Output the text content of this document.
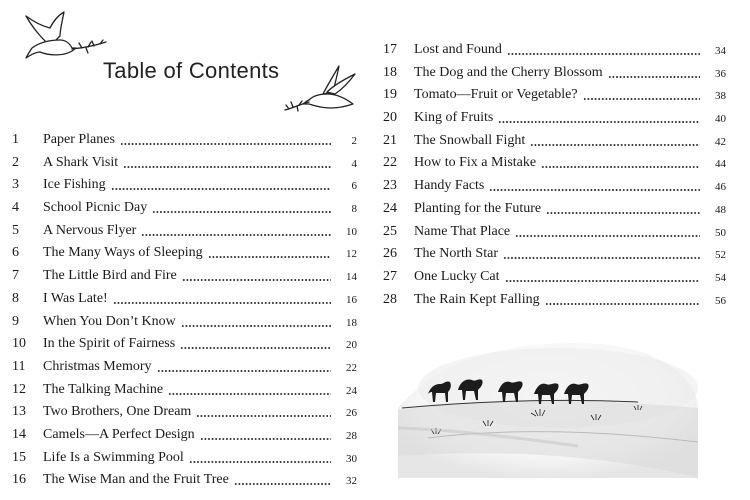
Table of Contents
1	Paper Planes	2
2	A Shark Visit	4
3	Ice Fishing	6
4	School Picnic Day	8
5	A Nervous Flyer	10
6	The Many Ways of Sleeping	12
7	The Little Bird and Fire	14
8	I Was Late!	16
9	When You Don’t Know	18
10	In the Spirit of Fairness	20
11	Christmas Memory	22
12	The Talking Machine	24
13	Two Brothers, One Dream	26
14	Camels—A Perfect Design	28
15	Life Is a Swimming Pool	30
16	The Wise Man and the Fruit Tree	32
17	Lost and Found	34
18	The Dog and the Cherry Blossom	36
19	Tomato—Fruit or Vegetable?	38
20	King of Fruits	40
21	The Snowball Fight	42
22	How to Fix a Mistake	44
23	Handy Facts	46
24	Planting for the Future	48
25	Name That Place	50
26	The North Star	52
27	One Lucky Cat	54
28	The Rain Kept Falling	56
